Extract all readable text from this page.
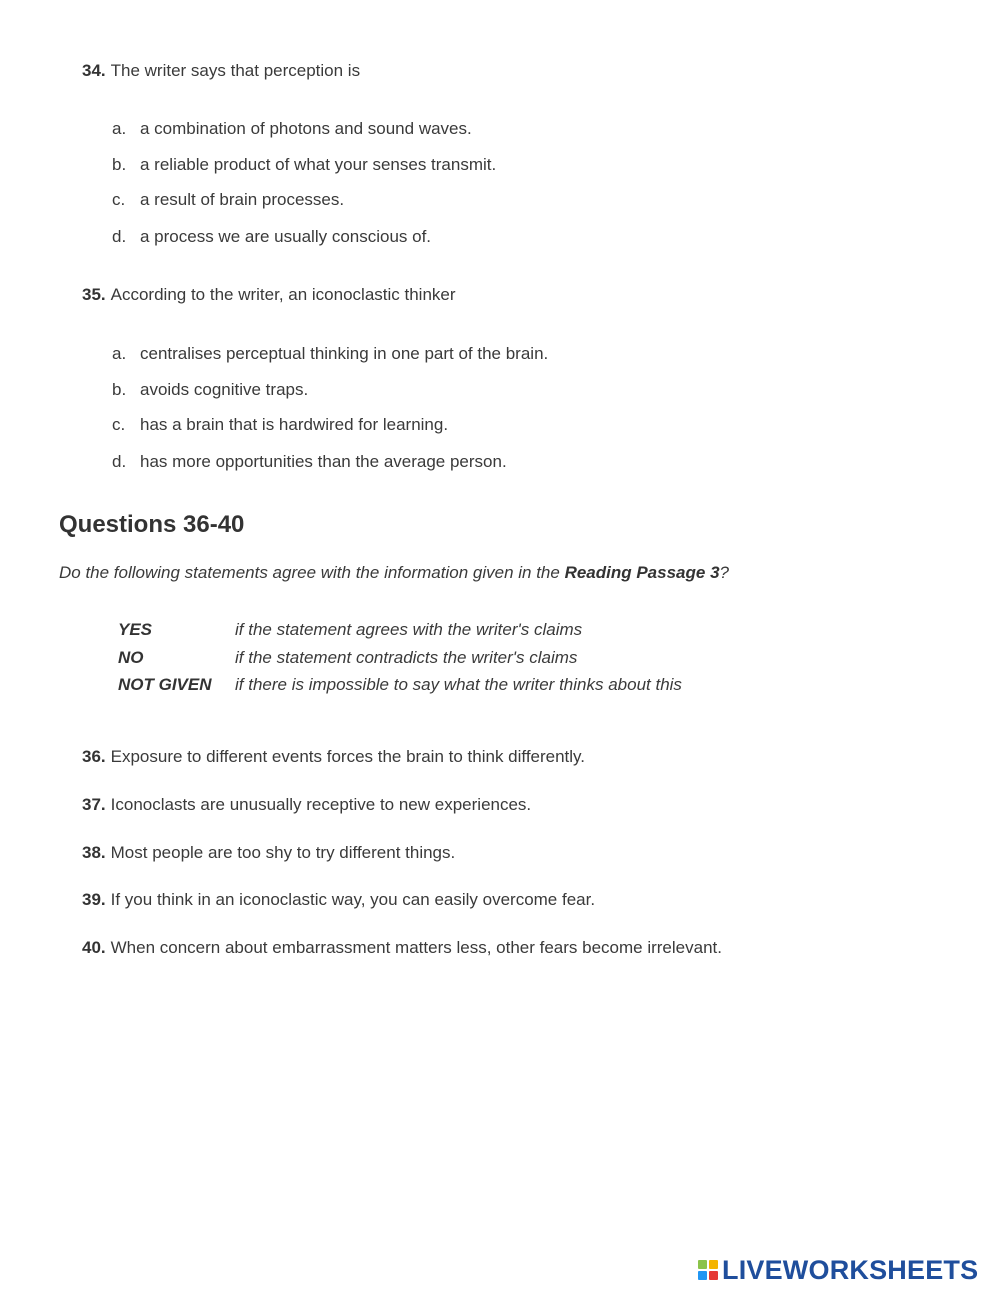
34. The writer says that perception is
a. a combination of photons and sound waves.
b. a reliable product of what your senses transmit.
c. a result of brain processes.
d. a process we are usually conscious of.
35. According to the writer, an iconoclastic thinker
a. centralises perceptual thinking in one part of the brain.
b. avoids cognitive traps.
c. has a brain that is hardwired for learning.
d. has more opportunities than the average person.
Questions 36-40
Do the following statements agree with the information given in the Reading Passage 3?
YES	if the statement agrees with the writer's claims
NO	if the statement contradicts the writer's claims
NOT GIVEN if there is impossible to say what the writer thinks about this
36. Exposure to different events forces the brain to think differently.
37. Iconoclasts are unusually receptive to new experiences.
38. Most people are too shy to try different things.
39. If you think in an iconoclastic way, you can easily overcome fear.
40. When concern about embarrassment matters less, other fears become irrelevant.
LIVEWORKSHEETS
